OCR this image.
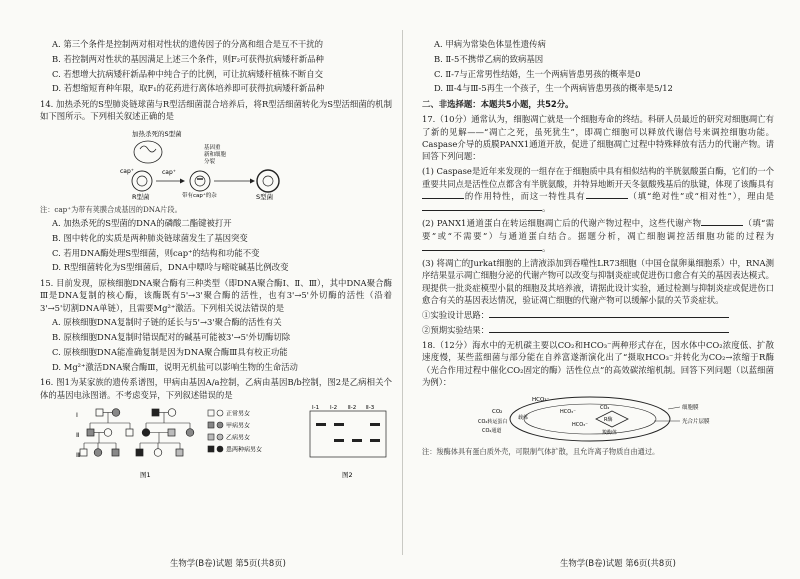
A. 第三个条件是控制两对相对性状的遗传因子的分离和组合是互不干扰的

B. 若控制两对性状的基因满足上述三个条件，则F₂可获得抗病矮秆新品种

C. 若想增大抗病矮秆新品种中纯合子的比例，可让抗病矮秆植株不断自交

D. 若想缩短育种年限，取F₁的花药进行离体培养即可获得抗病矮秆新品种

14. 加热杀死的S型肺炎链球菌与R型活细菌混合培养后，将R型活细菌转化为S型活细菌的机制如下图所示。下列相关叙述正确的是

加热杀死的S型菌
R型菌
cap⁺	cap⁺
带有cap⁺的杂
基因重
新和细胞
分裂
S型菌

注：cap⁺为带有荚膜合成基因的DNA片段。

A. 加热杀死的S型菌的DNA的磷酸二酯键被打开

B. 图中转化的实质是两种肺炎链球菌发生了基因突变

C. 若用DNA酶处理S型细菌，则cap⁺的结构和功能不变

D. R型细菌转化为S型细菌后，DNA中嘌呤与嘧啶碱基比例改变

15. 目前发现，原核细胞DNA聚合酶有三种类型（即DNA聚合酶Ⅰ、Ⅱ、Ⅲ），其中DNA聚合酶Ⅲ是DNA复制的核心酶，该酶既有5'→3'聚合酶的活性，也有3'→5'外切酶的活性（沿着3'→5'切割DNA单链），且需要Mg²⁺激活。下列相关说法错误的是

A. 原核细胞DNA复制时子链的延长与5'→3'聚合酶的活性有关

B. 原核细胞DNA复制时错误配对的碱基可能被3'→5'外切酶切除

C. 原核细胞DNA能准确复制是因为DNA聚合酶Ⅲ具有校正功能

D. Mg²⁺激活DNA聚合酶Ⅲ，说明无机盐可以影响生物的生命活动

16. 图1为某家族的遗传系谱图，甲病由基因A/a控制，乙病由基因B/b控制，图2是乙病相关个体的基因电泳图谱。不考虑变异，下列叙述错误的是

Ⅰ
Ⅱ
Ⅲ
正常男女
甲病男女
乙病男女
患两种病男女
图1
Ⅰ-1 Ⅰ-2 Ⅱ-2 Ⅱ-3
图2

A. 甲病为常染色体显性遗传病

B. Ⅱ-5不携带乙病的致病基因

C. Ⅱ-7与正常男性结婚，生一个两病皆患男孩的概率是0

D. Ⅲ-4与Ⅲ-5再生一个孩子，生一个两病皆患男孩的概率是5/12

二、非选择题：本题共5小题，共52分。

17.（10分）通常认为，细胞凋亡就是一个细胞寿命的终结。科研人员最近的研究对细胞凋亡有了新的见解——“凋亡之死，虽死犹生”，即凋亡细胞可以释放代谢信号来调控细胞功能。Caspase介导的质膜PANX1通道开放，促进了细胞凋亡过程中特殊释放有活力的代谢产物。请回答下列问题：

(1) Caspase是近年来发现的一组存在于细胞质中具有相似结构的半胱氨酸蛋白酶，它们的一个重要共同点是活性位点都含有半胱氨酸，并特异地断开天冬氨酸残基后的肽键，体现了该酶具有的作用特性，而这一特性具有	（填“绝对性”或“相对性”），理由是。

(2) PANX1通道蛋白在转运细胞凋亡后的代谢产物过程中，这些代谢产物	（填“需要”或“不需要”）与通道蛋白结合。据题分析，凋亡细胞调控活细胞功能的过程为。

(3) 将凋亡的Jurkat细胞的上清液添加到吞噬性LR73细胞（中国仓鼠卵巢细胞系）中，RNA测序结果显示凋亡细胞分泌的代谢产物可以改变与抑制炎症或促进伤口愈合有关的基因表达模式。现提供一批炎症模型小鼠的细胞及其培养液，请据此设计实验，通过检测与抑制炎症或促进伤口愈合有关的基因表达情况，验证凋亡细胞的代谢产物可以缓解小鼠的关节炎症状。

①实验设计思路：

②预期实验结果：

18.（12分）海水中的无机碳主要以CO₂和HCO₃⁻两种形式存在，因水体中CO₂浓度低、扩散速度慢，某些蓝细菌与部分能在自养富遂渐演化出了“摄取HCO₃⁻并转化为CO₂→浓缩于R酶（光合作用过程中催化CO₂固定的酶）活性位点”的高效碳浓缩机制。回答下列问题（以蓝细菌为例）：

HCO₃⁻
CO₂
CO₂转运蛋白
CO₂通道
载体
HCO₃⁻
HCO₃⁻
CO₂
R酶
羧酶体
细胞膜
光合片层膜

注：羧酶体具有蛋白质外壳，可限制气体扩散，且允许离子物质自由通过。

生物学(B卷)试题 第5页(共8页)	生物学(B卷)试题 第6页(共8页)
